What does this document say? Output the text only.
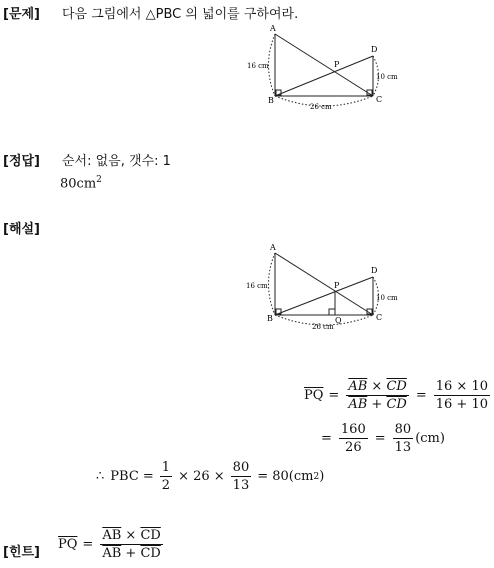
[문제] 다음 그림에서 △PBC 의 넓이를 구하여라.
A
B	C
D
P
16 cm
10 cm
26 cm
[정답] 순서: 없음, 갯수: 1
$80cm^2$
[해설]
A
B	C
D
P
Q
16 cm
10 cm
26 cm
$\overline{PQ} = \frac{\overline{AB} \times \overline{CD}}{\overline{AB} + \overline{CD}} = \frac{16 \times 10}{16 + 10}$
= $\frac{160}{26} = \frac{80}{13} (cm)$
∴ PBC = $\frac{1}{2} \times 26 \times \frac{80}{13} = 80(cm$ 2 )
[힌트]
$\overline{PQ} = \frac{\overline{AB} \times \overline{CD}}{\overline{AB} + \overline{CD}}$
